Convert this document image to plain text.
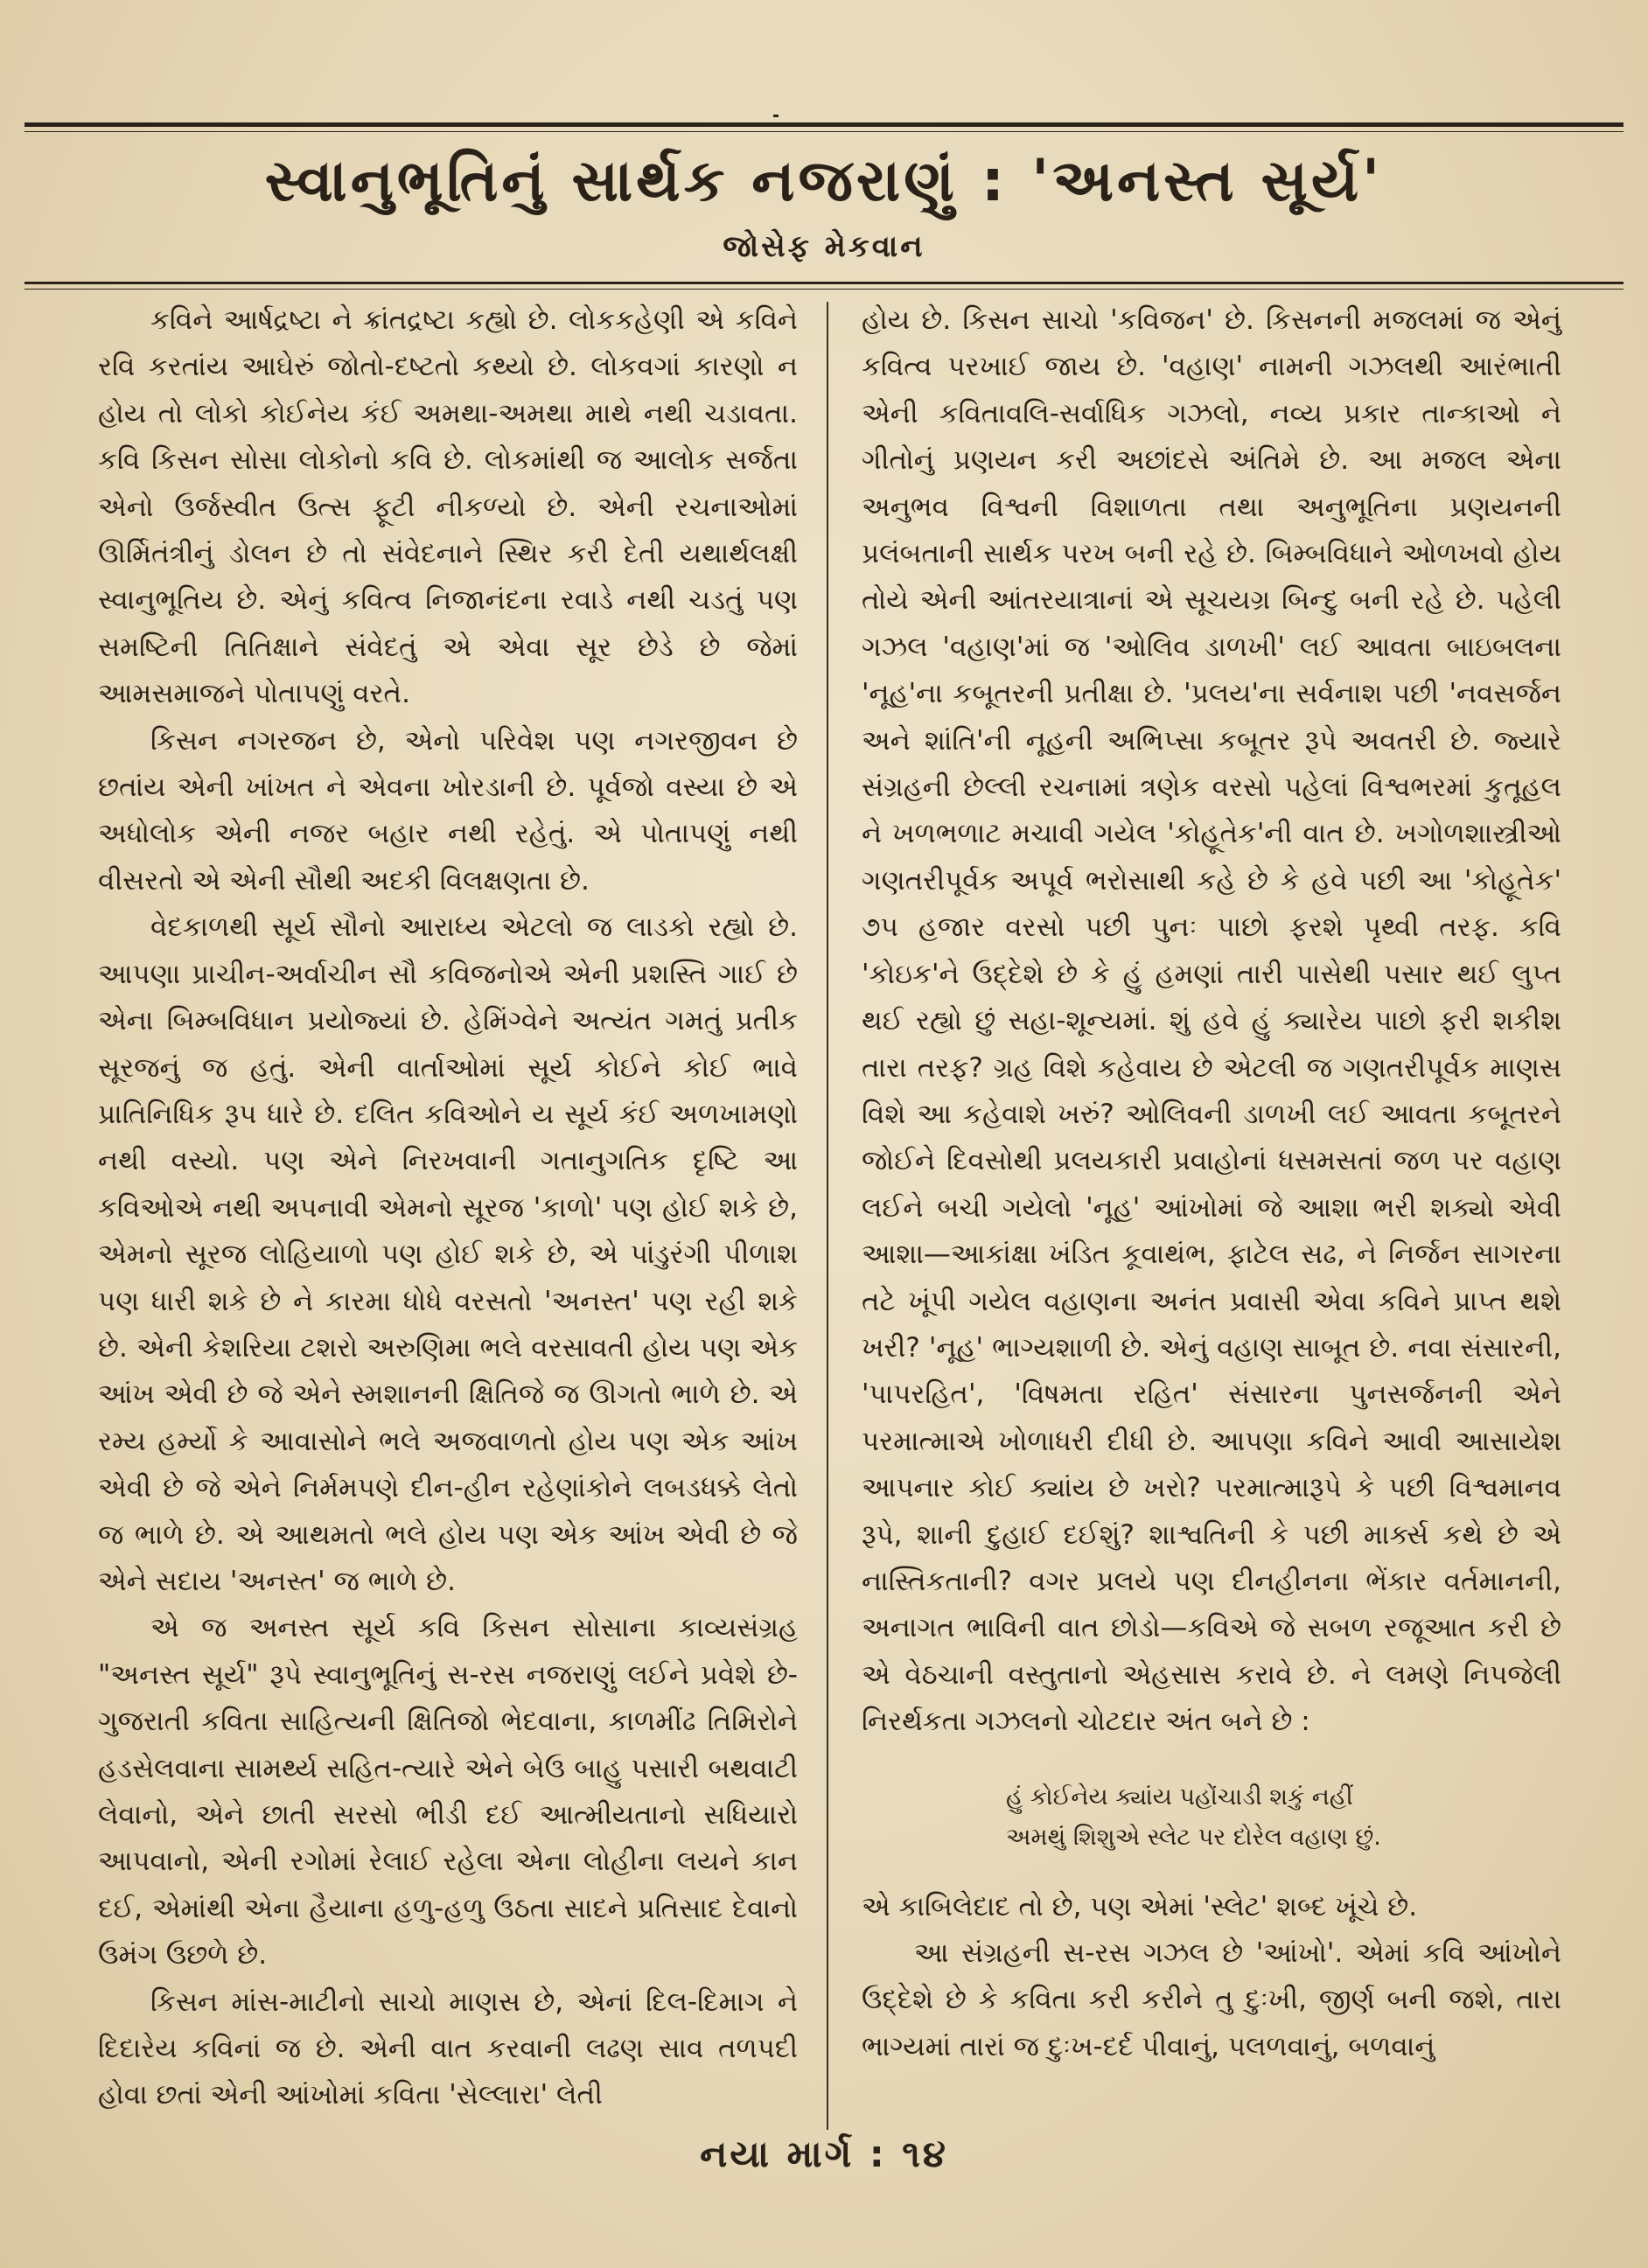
સ્વાનુભૂતિનું સાર્થક નજરાણું : 'અનસ્ત સૂર્ય'
જોસેફ મેકવાન

કવિને આર્ષદ્રષ્ટા ને ક્રાંતદ્રષ્ટા કહ્યો છે. લોકકહેણી એ કવિને રવિ કરતાંય આઘેરું જોતો-દષ્ટતો કથ્યો છે. લોકવગાં કારણો ન હોય તો લોકો કોઈનેય કંઈ અમથા-અમથા માથે નથી ચડાવતા. કવિ કિસન સોસા લોકોનો કવિ છે. લોકમાંથી જ આલોક સર્જતા એનો ઉર્જસ્વીત ઉત્સ ફૂટી નીકળ્યો છે. એની રચનાઓમાં ઊર્મિતંત્રીનું ડોલન છે તો સંવેદનાને સ્થિર કરી દેતી યથાર્થલક્ષી સ્વાનુભૂતિય છે. એનું કવિત્વ નિજાનંદના રવાડે નથી ચડતું પણ સમષ્ટિની તિતિક્ષાને સંવેદતું એ એવા સૂર છેડે છે જેમાં આમસમાજને પોતાપણું વરતે.

કિસન નગરજન છે, એનો પરિવેશ પણ નગરજીવન છે છતાંય એની ખાંખત ને એવના ખોરડાની છે. પૂર્વજો વસ્યા છે એ અધોલોક એની નજર બહાર નથી રહેતું. એ પોતાપણું નથી વીસરતો એ એની સૌથી અદકી વિલક્ષણતા છે.

વેદકાળથી સૂર્ય સૌનો આરાધ્ય એટલો જ લાડકો રહ્યો છે. આપણા પ્રાચીન-અર્વાચીન સૌ કવિજનોએ એની પ્રશસ્તિ ગાઈ છે એના બિમ્બવિધાન પ્રયોજ્યાં છે. હેમિંગ્વેને અત્યંત ગમતું પ્રતીક સૂરજનું જ હતું. એની વાર્તાઓમાં સૂર્ય કોઈને કોઈ ભાવે પ્રાતિનિધિક રૂપ ધારે છે. દલિત કવિઓને ય સૂર્ય કંઈ અળખામણો નથી વસ્યો. પણ એને નિરખવાની ગતાનુગતિક દૃષ્ટિ આ કવિઓએ નથી અપનાવી એમનો સૂરજ 'કાળો' પણ હોઈ શકે છે, એમનો સૂરજ લોહિયાળો પણ હોઈ શકે છે, એ પાંડુરંગી પીળાશ પણ ધારી શકે છે ને કારમા ધોધે વરસતો 'અનસ્ત' પણ રહી શકે છે. એની કેશરિયા ટશરો અરુણિમા ભલે વરસાવતી હોય પણ એક આંખ એવી છે જે એને સ્મશાનની ક્ષિતિજે જ ઊગતો ભાળે છે. એ રમ્ય હર્મ્યો કે આવાસોને ભલે અજવાળતો હોય પણ એક આંખ એવી છે જે એને નિર્મમપણે દીન-હીન રહેણાંકોને લબડધક્કે લેતો જ ભાળે છે. એ આથમતો ભલે હોય પણ એક આંખ એવી છે જે એને સદાય 'અનસ્ત' જ ભાળે છે.

એ જ અનસ્ત સૂર્ય કવિ કિસન સોસાના કાવ્યસંગ્રહ "અનસ્ત સૂર્ય" રૂપે સ્વાનુભૂતિનું સ-રસ નજરાણું લઈને પ્રવેશે છે-ગુજરાતી કવિતા સાહિત્યની ક્ષિતિજો ભેદવાના, કાળમીંઢ તિમિરોને હડસેલવાના સામર્થ્ય સહિત-ત્યારે એને બેઉ બાહુ પસારી બથવાટી લેવાનો, એને છાતી સરસો ભીડી દઈ આત્મીયતાનો સધિયારો આપવાનો, એની રગોમાં રેલાઈ રહેલા એના લોહીના લયને કાન દઈ, એમાંથી એના હૈયાના હળુ-હળુ ઉઠતા સાદને પ્રતિસાદ દેવાનો ઉમંગ ઉછળે છે.

કિસન માંસ-માટીનો સાચો માણસ છે, એનાં દિલ-દિમાગ ને દિદારેય કવિનાં જ છે. એની વાત કરવાની લઢણ સાવ તળપદી હોવા છતાં એની આંખોમાં કવિતા 'સેલ્લારા' લેતી

હોય છે. કિસન સાચો 'કવિજન' છે. કિસનની મજલમાં જ એનું કવિત્વ પરખાઈ જાય છે. 'વહાણ' નામની ગઝલથી આરંભાતી એની કવિતાવલિ-સર્વાધિક ગઝલો, નવ્ય પ્રકાર તાન્કાઓ ને ગીતોનું પ્રણયન કરી અછાંદસે અંતિમે છે. આ મજલ એના અનુભવ વિશ્વની વિશાળતા તથા અનુભૂતિના પ્રણયનની પ્રલંબતાની સાર્થક પરખ બની રહે છે. બિમ્બવિધાને ઓળખવો હોય તોયે એની આંતરયાત્રાનાં એ સૂચયગ્ર બિન્દુ બની રહે છે. પહેલી ગઝલ 'વહાણ'માં જ 'ઓલિવ ડાળખી' લઈ આવતા બાઇબલના 'નૂહ'ના કબૂતરની પ્રતીક્ષા છે. 'પ્રલય'ના સર્વનાશ પછી 'નવસર્જન અને શાંતિ'ની નૂહની અભિપ્સા કબૂતર રૂપે અવતરી છે. જ્યારે સંગ્રહની છેલ્લી રચનામાં ત્રણેક વરસો પહેલાં વિશ્વભરમાં કુતૂહલ ને ખળભળાટ મચાવી ગયેલ 'કોહૂતેક'ની વાત છે. ખગોળશાસ્ત્રીઓ ગણતરીપૂર્વક અપૂર્વ ભરોસાથી કહે છે કે હવે પછી આ 'કોહૂતેક' ૭૫ હજાર વરસો પછી પુનઃ પાછો ફરશે પૃથ્વી તરફ. કવિ 'કોઇક'ને ઉદ્દેશે છે કે હું હમણાં તારી પાસેથી પસાર થઈ લુપ્ત થઈ રહ્યો છું સહા-શૂન્યમાં. શું હવે હું ક્યારેય પાછો ફરી શકીશ તારા તરફ? ગ્રહ વિશે કહેવાય છે એટલી જ ગણતરીપૂર્વક માણસ વિશે આ કહેવાશે ખરું? ઓલિવની ડાળખી લઈ આવતા કબૂતરને જોઈને દિવસોથી પ્રલયકારી પ્રવાહોનાં ધસમસતાં જળ પર વહાણ લઈને બચી ગયેલો 'નૂહ' આંખોમાં જે આશા ભરી શક્યો એવી આશા—આકાંક્ષા ખંડિત કૂવાથંભ, ફાટેલ સઢ, ને નિર્જન સાગરના તટે ખૂંપી ગયેલ વહાણના અનંત પ્રવાસી એવા કવિને પ્રાપ્ત થશે ખરી? 'નૂહ' ભાગ્યશાળી છે. એનું વહાણ સાબૂત છે. નવા સંસારની, 'પાપરહિત', 'વિષમતા રહિત' સંસારના પુનસર્જનની એને પરમાત્માએ ખોળાધરી દીધી છે. આપણા કવિને આવી આસાયેશ આપનાર કોઈ ક્યાંય છે ખરો? પરમાત્મારૂપે કે પછી વિશ્વમાનવ રૂપે, શાની દુહાઈ દઈશું? શાશ્વતિની કે પછી માર્ક્સ કથે છે એ નાસ્તિકતાની? વગર પ્રલયે પણ દીનહીનના ભેંકાર વર્તમાનની, અનાગત ભાવિની વાત છોડો—કવિએ જે સબળ રજૂઆત કરી છે એ વેઠચાની વસ્તુતાનો એહસાસ કરાવે છે. ને લમણે નિપજેલી નિરર્થકતા ગઝલનો ચોટદાર અંત બને છે :

હું કોઈનેય ક્યાંય પહોંચાડી શકું નહીં
અમથું શિશુએ સ્લેટ પર દોરેલ વહાણ છું.

એ કાબિલેદાદ તો છે, પણ એમાં 'સ્લેટ' શબ્દ ખૂંચે છે.

આ સંગ્રહની સ-રસ ગઝલ છે 'આંખો'. એમાં કવિ આંખોને ઉદ્દેશે છે કે કવિતા કરી કરીને તુ દુઃખી, જીર્ણ બની જશે, તારા ભાગ્યમાં તારાં જ દુઃખ-દર્દ પીવાનું, પલળવાનું, બળવાનું

નયા માર્ગ : ૧૪
